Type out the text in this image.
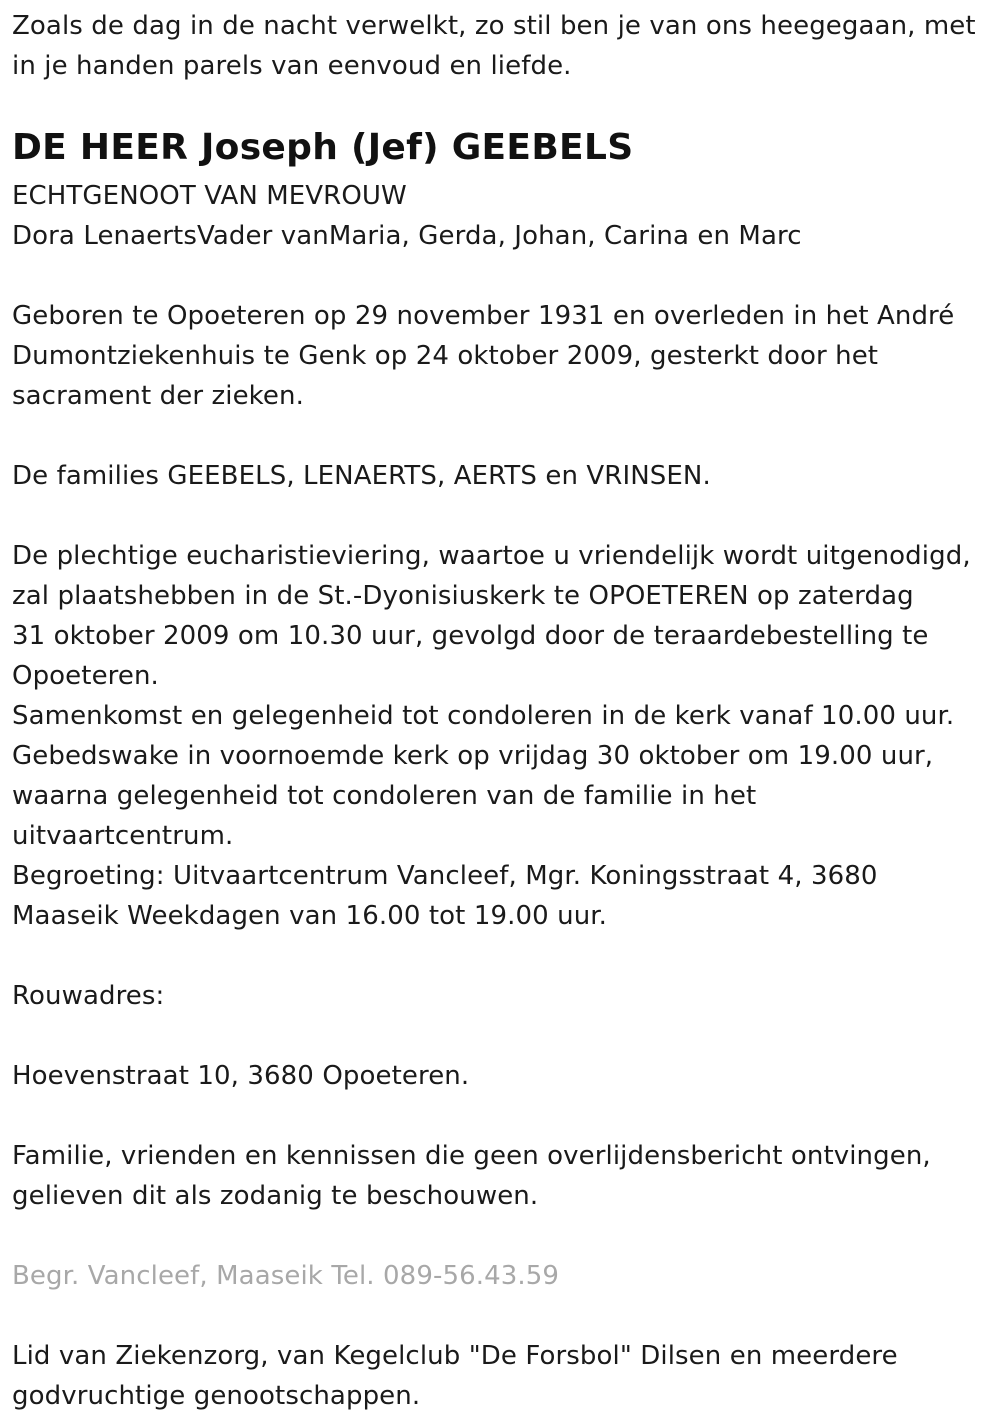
Zoals de dag in de nacht verwelkt, zo stil ben je van ons heegegaan, met

in je handen parels van eenvoud en liefde.

DE HEER Joseph (Jef) GEEBELS

ECHTGENOOT VAN MEVROUW

Dora LenaertsVader vanMaria, Gerda, Johan, Carina en Marc

Geboren te Opoeteren op 29 november 1931 en overleden in het André

Dumontziekenhuis te Genk op 24 oktober 2009, gesterkt door het

sacrament der zieken.

De families GEEBELS, LENAERTS, AERTS en VRINSEN.

De plechtige eucharistieviering, waartoe u vriendelijk wordt uitgenodigd,

zal plaatshebben in de St.-Dyonisiuskerk te OPOETEREN op zaterdag

31 oktober 2009 om 10.30 uur, gevolgd door de teraardebestelling te

Opoeteren.

Samenkomst en gelegenheid tot condoleren in de kerk vanaf 10.00 uur.

Gebedswake in voornoemde kerk op vrijdag 30 oktober om 19.00 uur,

waarna gelegenheid tot condoleren van de familie in het

uitvaartcentrum.

Begroeting: Uitvaartcentrum Vancleef, Mgr. Koningsstraat 4, 3680

Maaseik Weekdagen van 16.00 tot 19.00 uur.

Rouwadres:

Hoevenstraat 10, 3680 Opoeteren.

Familie, vrienden en kennissen die geen overlijdensbericht ontvingen,

gelieven dit als zodanig te beschouwen.

Begr. Vancleef, Maaseik Tel. 089-56.43.59

Lid van Ziekenzorg, van Kegelclub "De Forsbol" Dilsen en meerdere

godvruchtige genootschappen.
